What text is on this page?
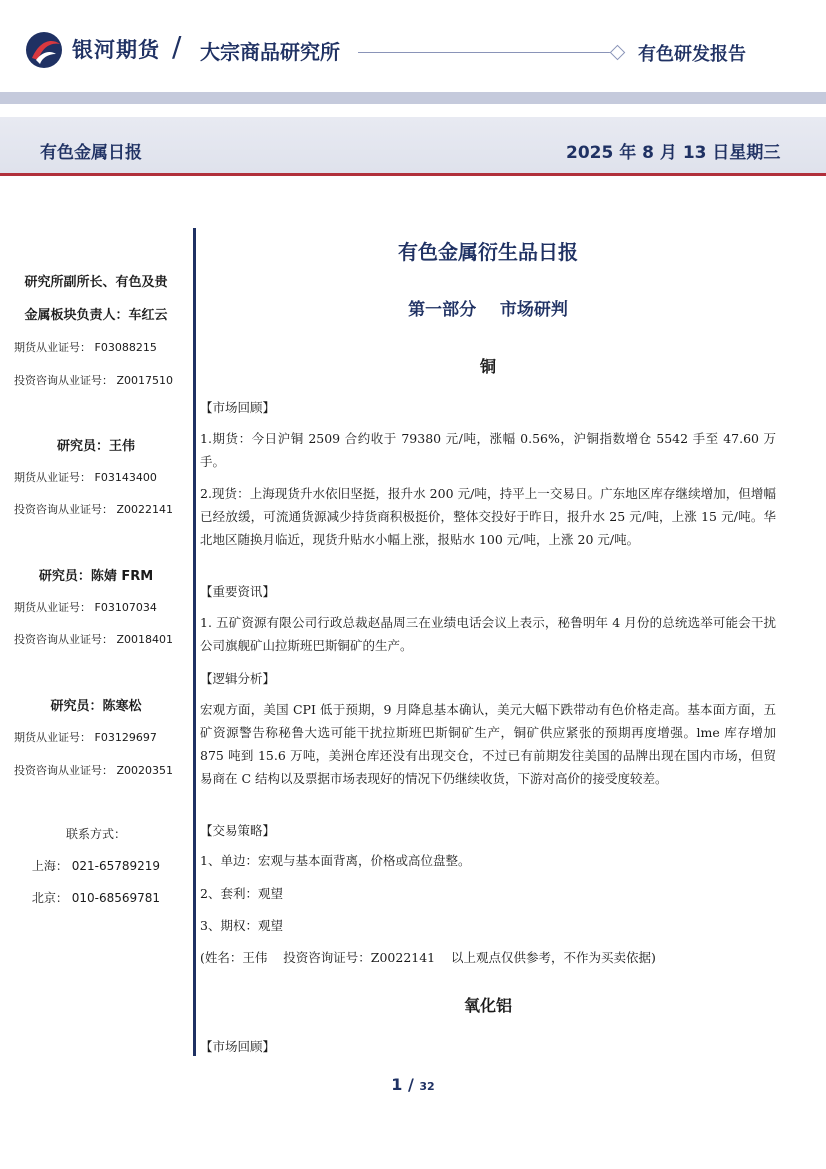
银河期货 / 大宗商品研究所	有色研发报告
有色金属日报	2025 年 8 月 13 日星期三
研究所副所长、有色及贵
金属板块负责人：车红云
期货从业证号： F03088215
投资咨询从业证号： Z0017510
研究员：王伟
期货从业证号： F03143400
投资咨询从业证号： Z0022141
研究员：陈婧 FRM
期货从业证号： F03107034
投资咨询从业证号： Z0018401
研究员：陈寒松
期货从业证号： F03129697
投资咨询从业证号： Z0020351
联系方式：
上海： 021-65789219
北京： 010-68569781
有色金属衍生品日报
第一部分    市场研判
铜
【市场回顾】
1.期货：今日沪铜 2509 合约收于 79380 元/吨，涨幅 0.56%，沪铜指数增仓 5542 手至 47.60 万手。
2.现货：上海现货升水依旧坚挺，报升水 200 元/吨，持平上一交易日。广东地区库存继续增加，但增幅已经放缓，可流通货源减少持货商积极挺价，整体交投好于昨日，报升水 25 元/吨，上涨 15 元/吨。华北地区随换月临近，现货升贴水小幅上涨，报贴水 100 元/吨，上涨 20 元/吨。
【重要资讯】
1. 五矿资源有限公司行政总裁赵晶周三在业绩电话会议上表示，秘鲁明年 4 月份的总统选举可能会干扰公司旗舰矿山拉斯班巴斯铜矿的生产。
【逻辑分析】
宏观方面，美国 CPI 低于预期，9 月降息基本确认，美元大幅下跌带动有色价格走高。基本面方面，五矿资源警告称秘鲁大选可能干扰拉斯班巴斯铜矿生产，铜矿供应紧张的预期再度增强。lme 库存增加 875 吨到 15.6 万吨，美洲仓库还没有出现交仓，不过已有前期发往美国的品牌出现在国内市场，但贸易商在 C 结构以及票据市场表现好的情况下仍继续收货，下游对高价的接受度较差。
【交易策略】
1、单边：宏观与基本面背离，价格或高位盘整。
2、套利：观望
3、期权：观望
(姓名：王伟    投资咨询证号：Z0022141    以上观点仅供参考，不作为买卖依据)
氧化铝
【市场回顾】
1 / 32
